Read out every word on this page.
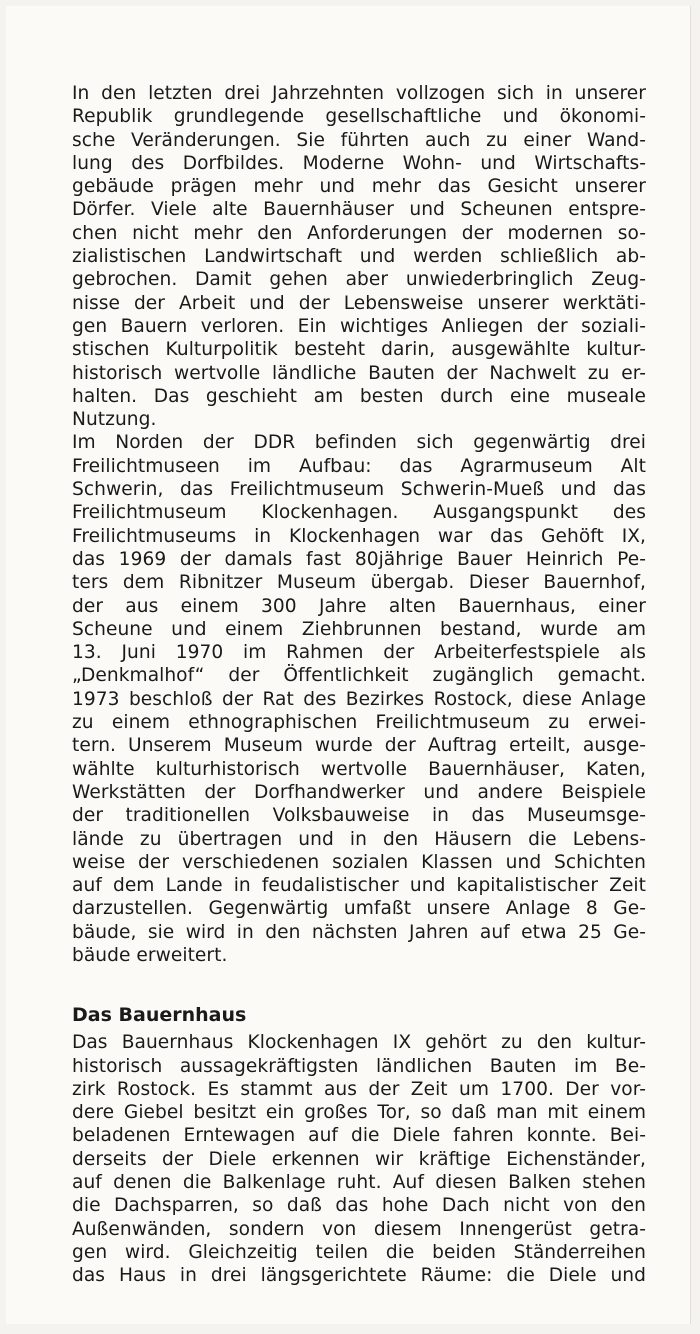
In den letzten drei Jahrzehnten vollzogen sich in unserer
Republik grundlegende gesellschaftliche und ökonomi-
sche Veränderungen. Sie führten auch zu einer Wand-
lung des Dorfbildes. Moderne Wohn- und Wirtschafts-
gebäude prägen mehr und mehr das Gesicht unserer
Dörfer. Viele alte Bauernhäuser und Scheunen entspre-
chen nicht mehr den Anforderungen der modernen so-
zialistischen Landwirtschaft und werden schließlich ab-
gebrochen. Damit gehen aber unwiederbringlich Zeug-
nisse der Arbeit und der Lebensweise unserer werktäti-
gen Bauern verloren. Ein wichtiges Anliegen der soziali-
stischen Kulturpolitik besteht darin, ausgewählte kultur-
historisch wertvolle ländliche Bauten der Nachwelt zu er-
halten. Das geschieht am besten durch eine museale
Nutzung.
Im Norden der DDR befinden sich gegenwärtig drei
Freilichtmuseen im Aufbau: das Agrarmuseum Alt
Schwerin, das Freilichtmuseum Schwerin-Mueß und das
Freilichtmuseum Klockenhagen. Ausgangspunkt des
Freilichtmuseums in Klockenhagen war das Gehöft IX,
das 1969 der damals fast 80jährige Bauer Heinrich Pe-
ters dem Ribnitzer Museum übergab. Dieser Bauernhof,
der aus einem 300 Jahre alten Bauernhaus, einer
Scheune und einem Ziehbrunnen bestand, wurde am
13. Juni 1970 im Rahmen der Arbeiterfestspiele als
„Denkmalhof“ der Öffentlichkeit zugänglich gemacht.
1973 beschloß der Rat des Bezirkes Rostock, diese Anlage
zu einem ethnographischen Freilichtmuseum zu erwei-
tern. Unserem Museum wurde der Auftrag erteilt, ausge-
wählte kulturhistorisch wertvolle Bauernhäuser, Katen,
Werkstätten der Dorfhandwerker und andere Beispiele
der traditionellen Volksbauweise in das Museumsge-
lände zu übertragen und in den Häusern die Lebens-
weise der verschiedenen sozialen Klassen und Schichten
auf dem Lande in feudalistischer und kapitalistischer Zeit
darzustellen. Gegenwärtig umfaßt unsere Anlage 8 Ge-
bäude, sie wird in den nächsten Jahren auf etwa 25 Ge-
bäude erweitert.
Das Bauernhaus
Das Bauernhaus Klockenhagen IX gehört zu den kultur-
historisch aussagekräftigsten ländlichen Bauten im Be-
zirk Rostock. Es stammt aus der Zeit um 1700. Der vor-
dere Giebel besitzt ein großes Tor, so daß man mit einem
beladenen Erntewagen auf die Diele fahren konnte. Bei-
derseits der Diele erkennen wir kräftige Eichenständer,
auf denen die Balkenlage ruht. Auf diesen Balken stehen
die Dachsparren, so daß das hohe Dach nicht von den
Außenwänden, sondern von diesem Innengerüst getra-
gen wird. Gleichzeitig teilen die beiden Ständerreihen
das Haus in drei längsgerichtete Räume: die Diele und
